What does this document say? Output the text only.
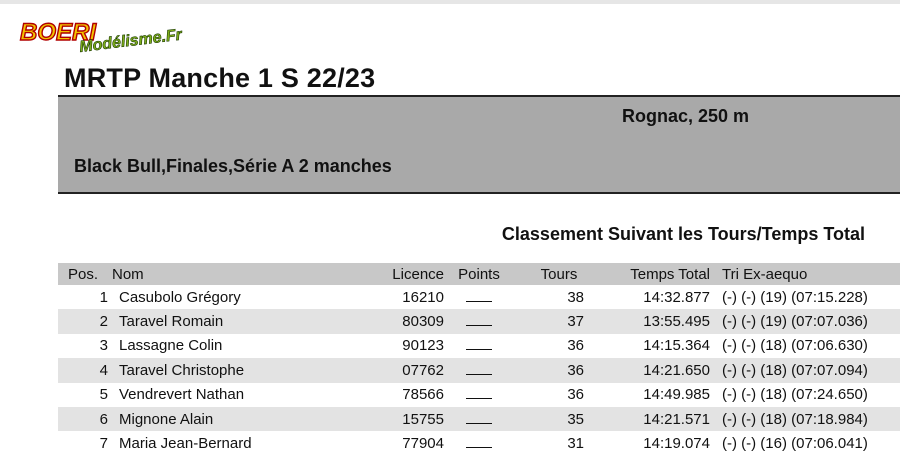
BOERI
Modélisme.Fr
MRTP Manche 1 S 22/23
Rognac, 250 m
Black Bull,Finales,Série A 2 manches
Classement Suivant les Tours/Temps Total
Pos.	Nom	Licence	Points	Tours	Temps Total	Tri Ex-aequo
1	Casubolo Grégory	16210		38	14:32.877	(-) (-) (19) (07:15.228)
2	Taravel Romain	80309		37	13:55.495	(-) (-) (19) (07:07.036)
3	Lassagne Colin	90123		36	14:15.364	(-) (-) (18) (07:06.630)
4	Taravel Christophe	07762		36	14:21.650	(-) (-) (18) (07:07.094)
5	Vendrevert Nathan	78566		36	14:49.985	(-) (-) (18) (07:24.650)
6	Mignone Alain	15755		35	14:21.571	(-) (-) (18) (07:18.984)
7	Maria Jean-Bernard	77904		31	14:19.074	(-) (-) (16) (07:06.041)
